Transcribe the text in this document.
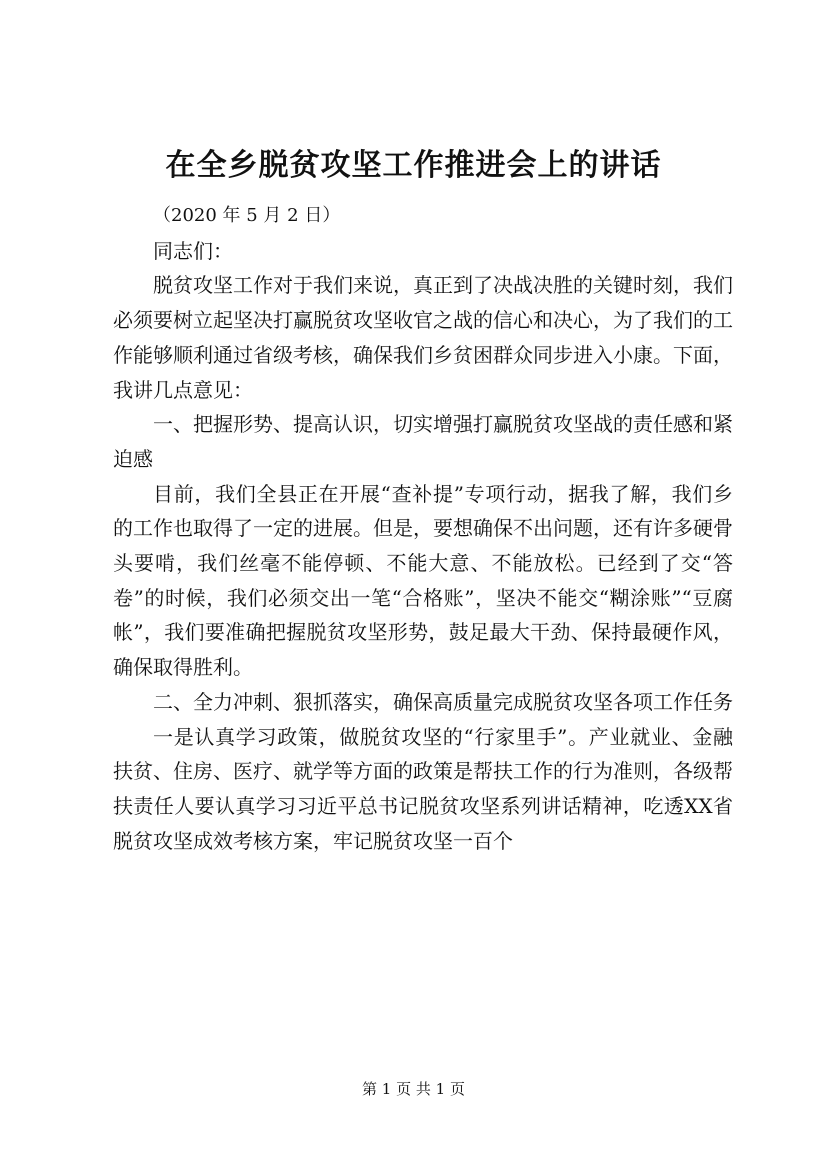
在全乡脱贫攻坚工作推进会上的讲话

（2020 年 5 月 2 日）

同志们：

脱贫攻坚工作对于我们来说，真正到了决战决胜的关键时刻，我们必须要树立起坚决打赢脱贫攻坚收官之战的信心和决心，为了我们的工作能够顺利通过省级考核，确保我们乡贫困群众同步进入小康。下面，我讲几点意见：

一、把握形势、提高认识，切实增强打赢脱贫攻坚战的责任感和紧迫感

目前，我们全县正在开展“查补提”专项行动，据我了解，我们乡的工作也取得了一定的进展。但是，要想确保不出问题，还有许多硬骨头要啃，我们丝毫不能停顿、不能大意、不能放松。已经到了交“答卷”的时候，我们必须交出一笔“合格账”，坚决不能交“糊涂账”“豆腐帐”，我们要准确把握脱贫攻坚形势，鼓足最大干劲、保持最硬作风，确保取得胜利。

二、全力冲刺、狠抓落实，确保高质量完成脱贫攻坚各项工作任务

一是认真学习政策，做脱贫攻坚的“行家里手”。产业就业、金融扶贫、住房、医疗、就学等方面的政策是帮扶工作的行为准则，各级帮扶责任人要认真学习习近平总书记脱贫攻坚系列讲话精神，吃透XX省脱贫攻坚成效考核方案，牢记脱贫攻坚一百个

第 1 页 共 1 页
